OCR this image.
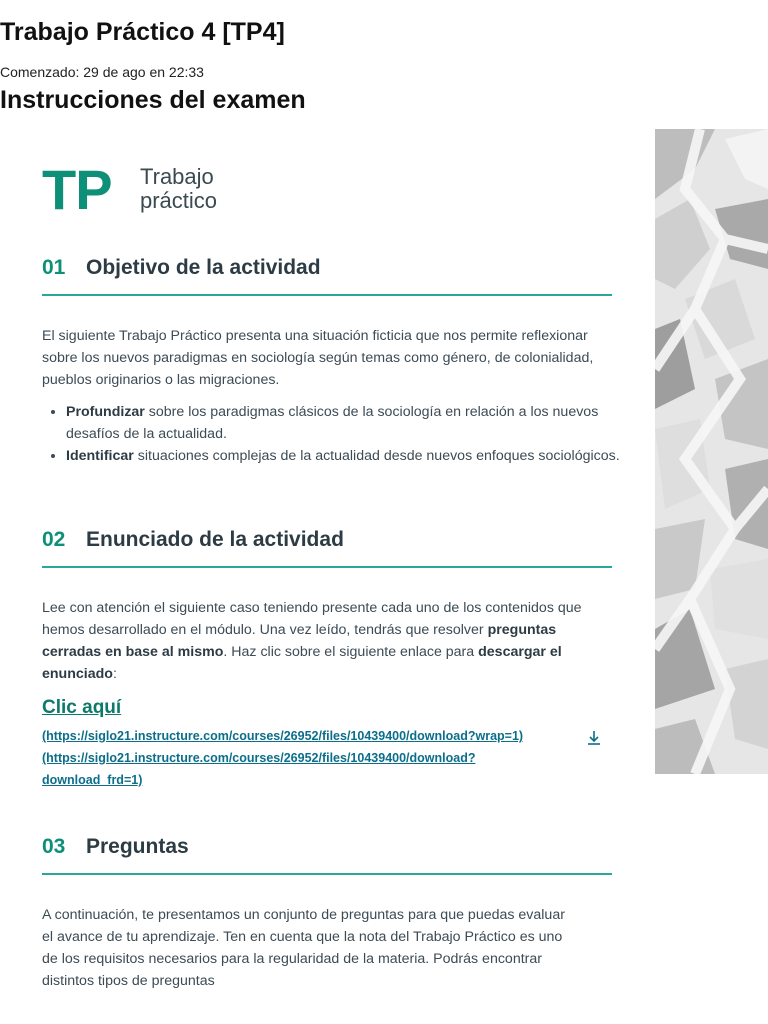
Trabajo Práctico 4 [TP4]
Comenzado: 29 de ago en 22:33
Instrucciones del examen
TP Trabajo
práctico
01 Objetivo de la actividad

El siguiente Trabajo Práctico presenta una situación ficticia que nos permite reflexionar sobre los nuevos paradigmas en sociología según temas como género, de colonialidad, pueblos originarios o las migraciones.

• Profundizar sobre los paradigmas clásicos de la sociología en relación a los nuevos desafíos de la actualidad.
• Identificar situaciones complejas de la actualidad desde nuevos enfoques sociológicos.
02 Enunciado de la actividad

Lee con atención el siguiente caso teniendo presente cada uno de los contenidos que hemos desarrollado en el módulo. Una vez leído, tendrás que resolver preguntas cerradas en base al mismo. Haz clic sobre el siguiente enlace para descargar el enunciado:

Clic aquí
(https://siglo21.instructure.com/courses/26952/files/10439400/download?wrap=1)
(https://siglo21.instructure.com/courses/26952/files/10439400/download?
download_frd=1)
03 Preguntas

A continuación, te presentamos un conjunto de preguntas para que puedas evaluar el avance de tu aprendizaje. Ten en cuenta que la nota del Trabajo Práctico es uno de los requisitos necesarios para la regularidad de la materia. Podrás encontrar distintos tipos de preguntas
